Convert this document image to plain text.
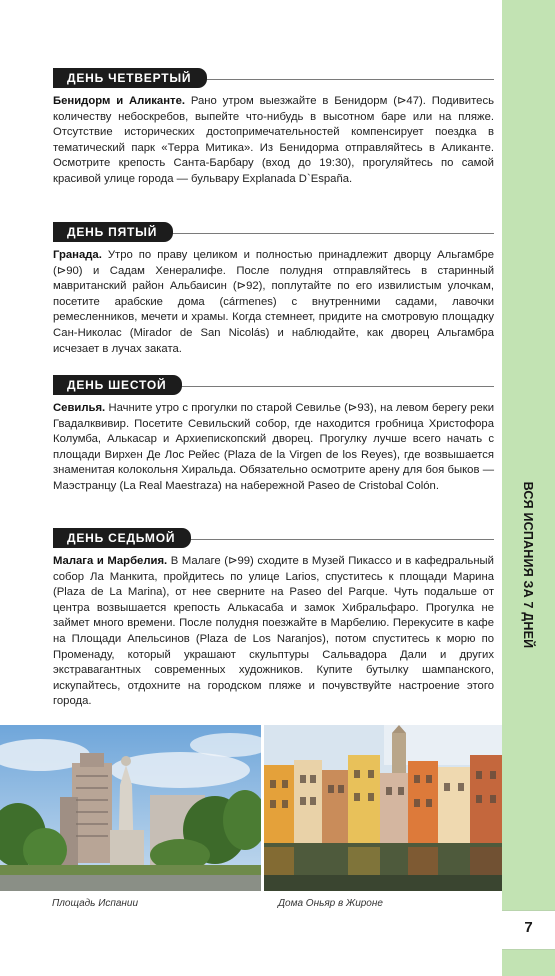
ВСЯ ИСПАНИЯ ЗА 7 ДНЕЙ
7
ДЕНЬ ЧЕТВЕРТЫЙ

Бенидорм и Аликанте. Рано утром выезжайте в Бенидорм (⊳47). Подивитесь количеству небоскребов, выпейте что-нибудь в высотном баре или на пляже. Отсутствие исторических достопримечательностей компенсирует поездка в тематический парк «Терра Митика». Из Бенидорма отправляйтесь в Аликанте. Осмотрите крепость Санта-Барбару (вход до 19:30), прогуляйтесь по самой красивой улице города — бульвару Explanada D`España.

ДЕНЬ ПЯТЫЙ

Гранада. Утро по праву целиком и полностью принадлежит дворцу Альгамбре (⊳90) и Садам Хенералифе. После полудня отправляйтесь в старинный мавританский район Альбаисин (⊳92), поплутайте по его извилистым улочкам, посетите арабские дома (cármenes) с внутренними садами, лавочки ремесленников, мечети и храмы. Когда стемнеет, придите на смотровую площадку Сан-Николас (Mirador de San Nicolás) и наблюдайте, как дворец Альгамбра исчезает в лучах заката.

ДЕНЬ ШЕСТОЙ

Севилья. Начните утро с прогулки по старой Севилье (⊳93), на левом берегу реки Гвадалквивир. Посетите Севильский собор, где находится гробница Христофора Колумба, Алькасар и Архиепископский дворец. Прогулку лучше всего начать с площади Вирхен Де Лос Рейес (Plaza de la Virgen de los Reyes), где возвышается знаменитая колокольня Хиральда. Обязательно осмотрите арену для боя быков — Маэстранцу (La Real Maestraza) на набережной Paseo de Cristobal Colón.

ДЕНЬ СЕДЬМОЙ

Малага и Марбелия. В Малаге (⊳99) сходите в Музей Пикассо и в кафедральный собор Ла Манкита, пройдитесь по улице Larios, спуститесь к площади Марина (Plaza de La Marina), от нее сверните на Paseo del Parque. Чуть подальше от центра возвышается крепость Алькасаба и замок Хибральфаро. Прогулка не займет много времени. После полудня поезжайте в Марбелию. Перекусите в кафе на Площади Апельсинов (Plaza de Los Naranjos), потом спуститесь к морю по Променаду, который украшают скульптуры Сальвадора Дали и других экстравагантных современных художников. Купите бутылку шампанского, искупайтесь, отдохните на городском пляже и почувствуйте настроение этого города.

Площадь Испании	Дома Оньяр в Жироне
